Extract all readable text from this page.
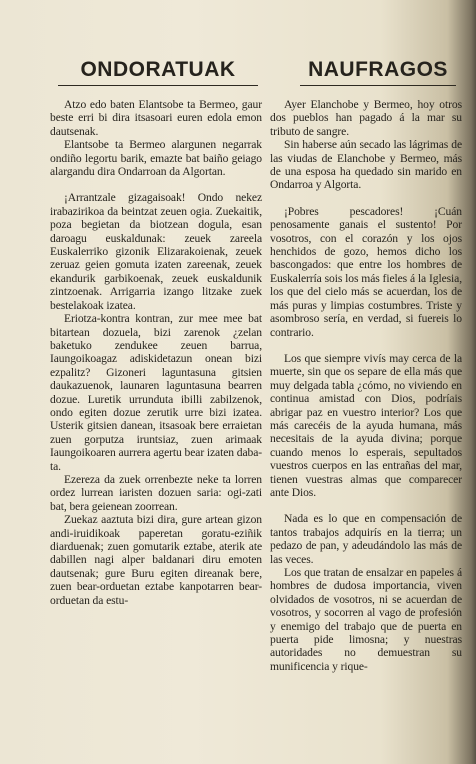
ONDORATUAK

Atzo edo baten Elantsobe ta Bermeo, gaur beste erri bi dira itsasoari euren edola emon dautsenak.

Elantsobe ta Bermeo alargunen negarrak ondiño legortu barik, emazte bat baiño geiago alargandu dira Ondarroan da Algortan.

¡Arrantzale gizagaisoak! Ondo nekez irabazirikoa da beintzat zeuen ogia. Zuekaitik, poza begietan da biotzean dogula, esan daroagu euskaldunak: zeuek zareela Euskalerriko gizonik Elizarakoienak, zeuek zeruaz geien gomuta izaten zareenak, zeuek ekandurik garbikoenak, zeuek euskaldunik zintzoenak. Arrigarria izango litzake zuek bestelakoak izatea.

Eriotza-kontra kontran, zur mee mee bat bitartean dozuela, bizi zarenok ¿zelan baketuko zendukee zeuen barrua, Iaungoikoagaz adiskidetazun onean bizi ezpalitz? Gizoneri laguntasuna gitsien daukazuenok, launaren laguntasuna bearren dozue. Luretik urrunduta ibilli zabilzenok, ondo egiten dozue zerutik urre bizi izatea. Usterik gitsien danean, itsasoak bere erraietan zuen gorputza iruntsiaz, zuen arimaak Iaungoikoaren aurrera agertu bear izaten daba-ta.

Ezereza da zuek orrenbezte neke ta lorren ordez lurrean iaristen dozuen saria: ogi-zati bat, bera geienean zoorrean.

Zuekaz aaztuta bizi dira, gure artean gizon andi-iruidikoak paperetan goratu-eziñik diarduenak; zuen gomutarik eztabe, aterik ate dabillen nagi alper baldanari diru emoten dautsenak; gure Buru egiten direanak bere, zuen bear-orduetan eztabe kanpotarren bear-orduetan da estu-

NAUFRAGOS

Ayer Elanchobe y Bermeo, hoy otros dos pueblos han pagado á la mar su tributo de sangre.

Sin haberse aún secado las lágrimas de las viudas de Elanchobe y Bermeo, más de una esposa ha quedado sin marido en Ondarroa y Algorta.

¡Pobres pescadores! ¡Cuán penosamente ganais el sustento! Por vosotros, con el corazón y los ojos henchidos de gozo, hemos dicho los bascongados: que entre los hombres de Euskalerría sois los más fieles á la Iglesia, los que del cielo más se acuerdan, los de más puras y limpias costumbres. Triste y asombroso sería, en verdad, si fuereis lo contrario.

Los que siempre vivís may cerca de la muerte, sin que os separe de ella más que muy delgada tabla ¿cómo, no viviendo en continua amistad con Dios, podríais abrigar paz en vuestro interior? Los que más carecéis de la ayuda humana, más necesitais de la ayuda divina; porque cuando menos lo esperais, sepultados vuestros cuerpos en las entrañas del mar, tienen vuestras almas que comparecer ante Dios.

Nada es lo que en compensación de tantos trabajos adquirís en la tierra; un pedazo de pan, y adeudándolo las más de las veces.

Los que tratan de ensalzar en papeles á hombres de dudosa importancia, viven olvidados de vosotros, ni se acuerdan de vosotros, y socorren al vago de profesión y enemigo del trabajo que de puerta en puerta pide limosna; y nuestras autoridades no demuestran su munificencia y rique-
